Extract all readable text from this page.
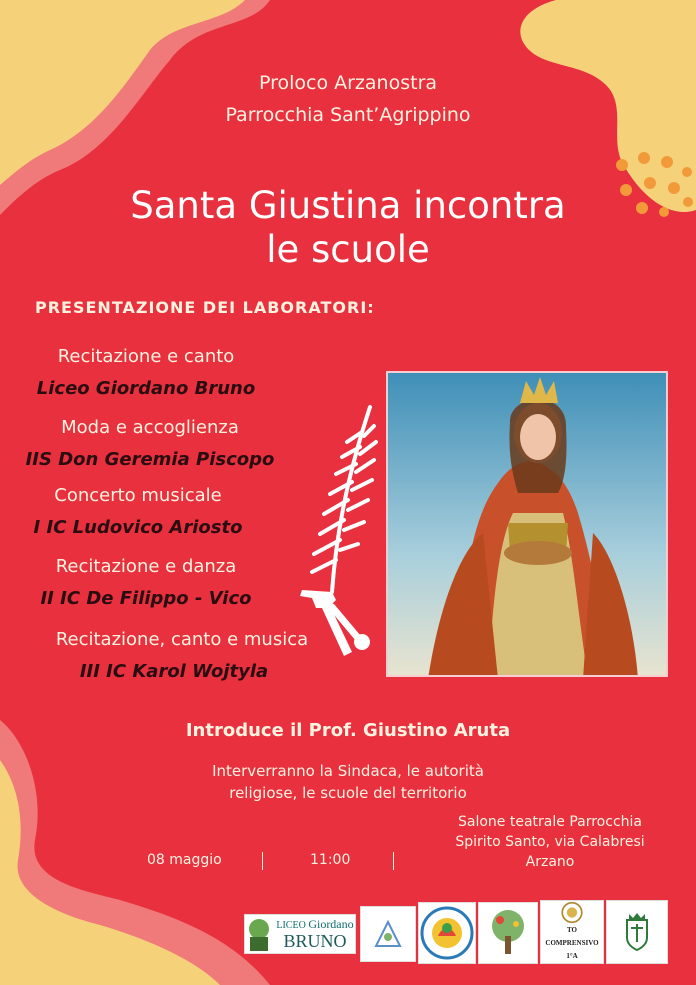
Proloco Arzanostra
Parrocchia Sant’Agrippino
Santa Giustina incontra
le scuole
PRESENTAZIONE DEI LABORATORI:
Recitazione e canto
Liceo Giordano Bruno
Moda e accoglienza
IIS Don Geremia Piscopo
Concerto musicale
I IC Ludovico Ariosto
Recitazione e danza
II IC De Filippo - Vico
Recitazione, canto e musica
III IC Karol Wojtyla
Introduce il Prof. Giustino Aruta
Interverranno la Sindaca, le autorità
religiose, le scuole del territorio
Salone teatrale Parrocchia
Spirito Santo, via Calabresi
Arzano
08 maggio	11:00
LICEO Giordano
BRUNO
TO COMPRENSIVO 1°A
